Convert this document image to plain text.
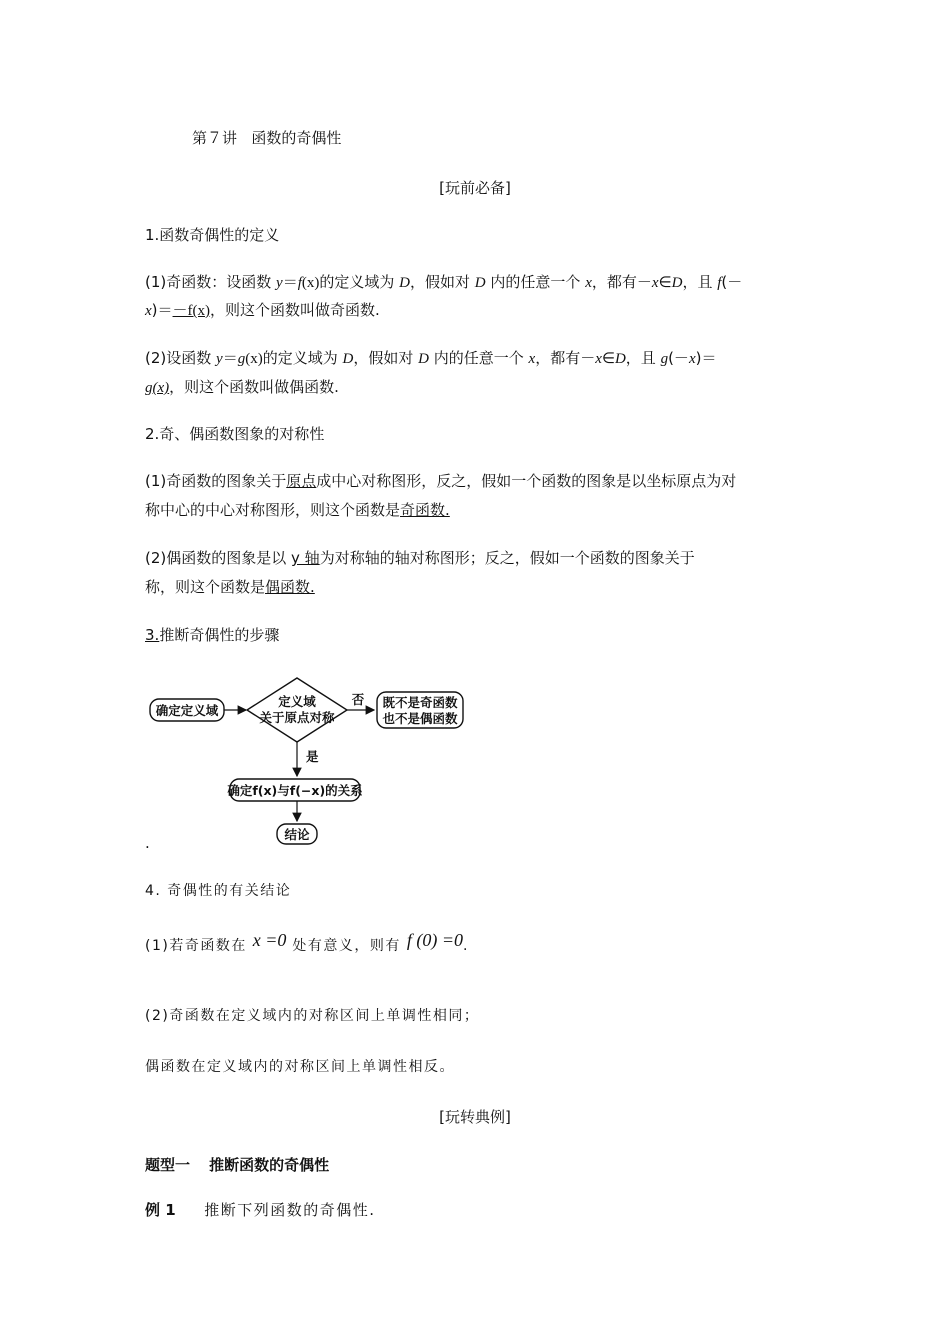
第７讲 函数的奇偶性
[玩前必备]
1.函数奇偶性的定义
(1)奇函数：设函数 y＝f(x)的定义域为 D，假如对 D 内的任意一个 x，都有－x∈D，且 f(－
x)＝－f(x)，则这个函数叫做奇函数.
(2)设函数 y＝g(x)的定义域为 D，假如对 D 内的任意一个 x，都有－x∈D，且 g(－x)＝
g(x)，则这个函数叫做偶函数.
2.奇、偶函数图象的对称性
(1)奇函数的图象关于原点成中心对称图形，反之，假如一个函数的图象是以坐标原点为对
称中心的中心对称图形，则这个函数是奇函数.
(2)偶函数的图象是以 y 轴为对称轴的轴对称图形；反之，假如一个函数的图象关于
称，则这个函数是偶函数.
3.推断奇偶性的步骤
确定定义域
定义域
关于原点对称
否 既不是奇函数
也不是偶函数
是
确定f(x)与f(−x)的关系
结论
.
4. 奇偶性的有关结论
(1)若奇函数在 x =0 处有意义，则有 f (0) =0.
(2)奇函数在定义域内的对称区间上单调性相同；
偶函数在定义域内的对称区间上单调性相反。
[玩转典例]
题型一 推断函数的奇偶性
例 1 推断下列函数的奇偶性.
